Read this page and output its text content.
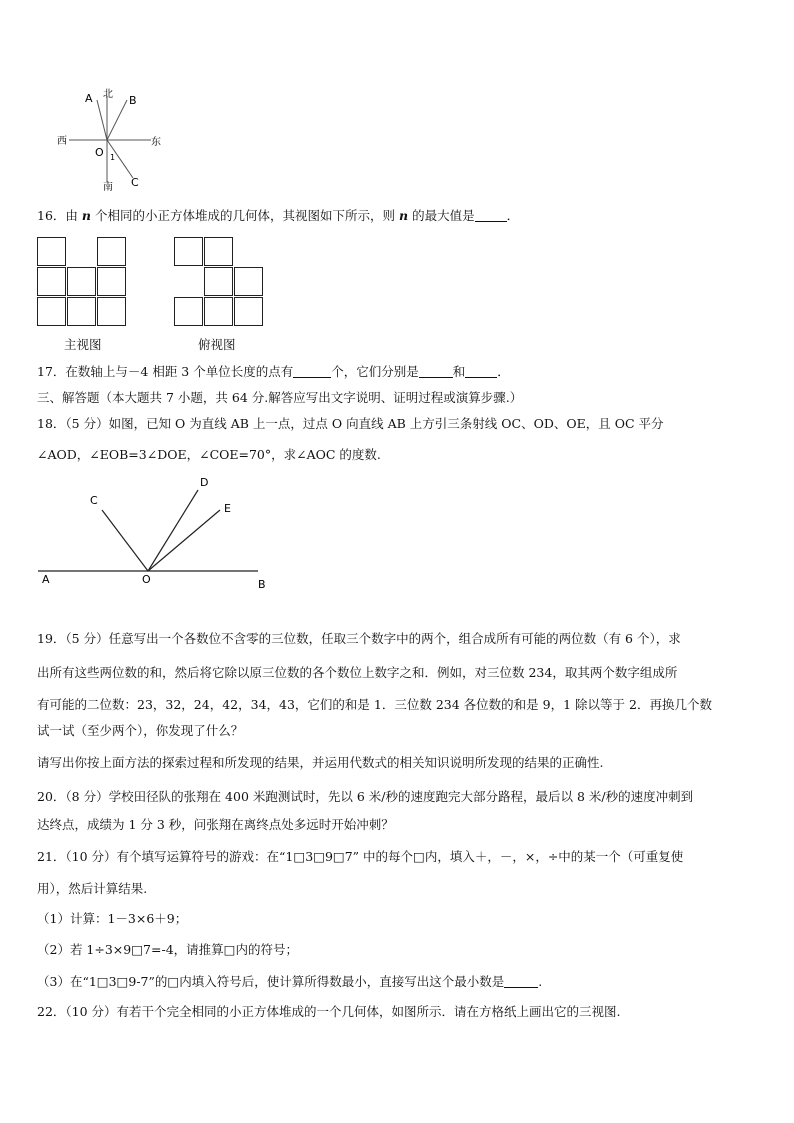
A 北 B
西	东
O 1
南 C
16．由 n 个相同的小正方体堆成的几何体，其视图如下所示，则 n 的最大值是	．
主视图	俯视图
17．在数轴上与－4 相距 3 个单位长度的点有	个，它们分别是	和	．
三、解答题（本大题共 7 小题，共 64 分.解答应写出文字说明、证明过程或演算步骤.）
18．（5 分）如图，已知 O 为直线 AB 上一点，过点 O 向直线 AB 上方引三条射线 OC、OD、OE，且 OC 平分
∠AOD，∠EOB=3∠DOE，∠COE=70°，求∠AOC 的度数.
A	O	B
C
D
E
19．（5 分）任意写出一个各数位不含零的三位数，任取三个数字中的两个，组合成所有可能的两位数（有 6 个），求
出所有这些两位数的和，然后将它除以原三位数的各个数位上数字之和．例如，对三位数 234，取其两个数字组成所
有可能的二位数：23，32，24，42，34，43，它们的和是 1．三位数 234 各位数的和是 9，1 除以等于 2．再换几个数
试一试（至少两个），你发现了什么？
请写出你按上面方法的探索过程和所发现的结果，并运用代数式的相关知识说明所发现的结果的正确性.
20．（8 分）学校田径队的张翔在 400 米跑测试时，先以 6 米/秒的速度跑完大部分路程，最后以 8 米/秒的速度冲刺到
达终点，成绩为 1 分 3 秒，问张翔在离终点处多远时开始冲刺？
21．（10 分）有个填写运算符号的游戏：在“1□3□9□7” 中的每个□内，填入＋，－，×，÷中的某一个（可重复使
用），然后计算结果.
（1）计算：1－3×6＋9；
（2）若 1÷3×9□7=-4，请推算□内的符号；
（3）在“1□3□9-7”的□内填入符号后，使计算所得数最小，直接写出这个最小数是	.
22．（10 分）有若干个完全相同的小正方体堆成的一个几何体，如图所示．请在方格纸上画出它的三视图.
